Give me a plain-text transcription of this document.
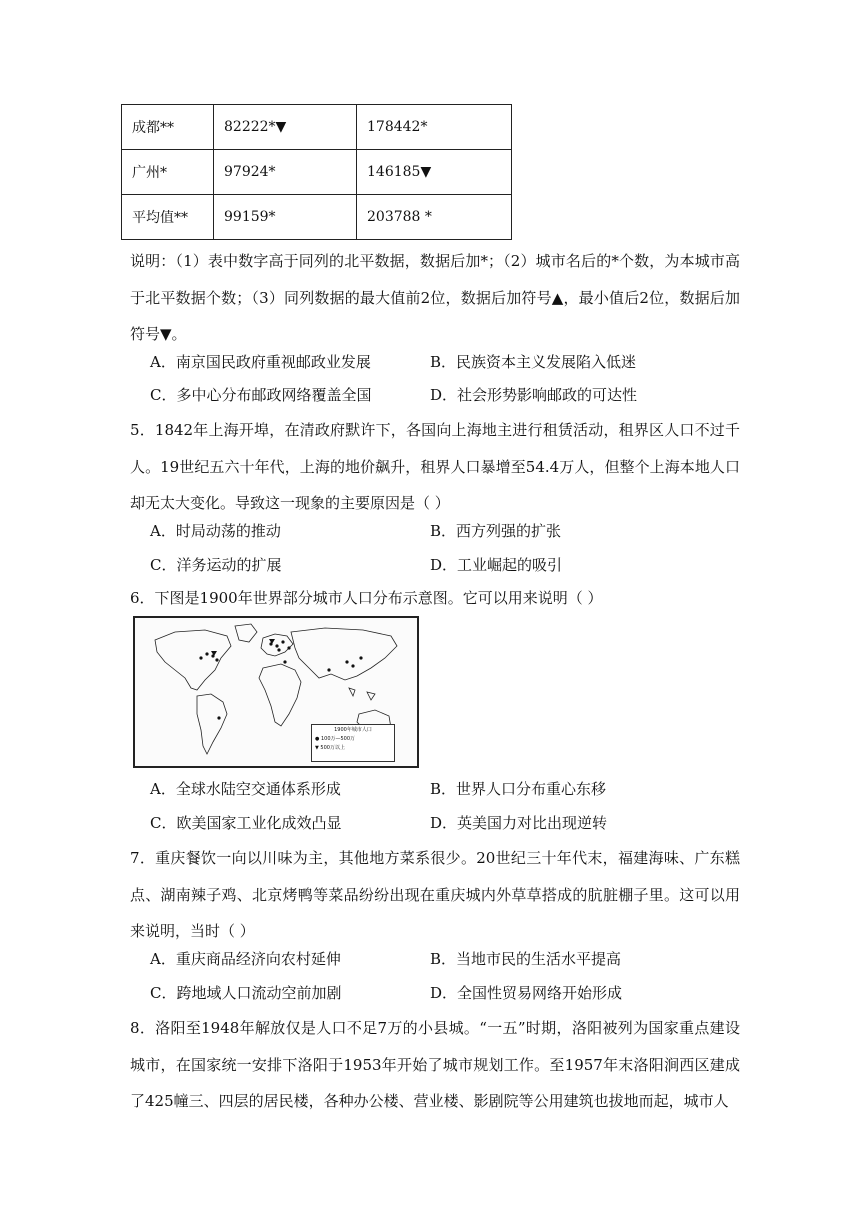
成都**	82222*▼	178442*
广州*	97924*	146185▼
平均值**	99159*	203788 *
说明：（1）表中数字高于同列的北平数据，数据后加*；（2）城市名后的*个数，为本城市高于北平数据个数；（3）同列数据的最大值前2位，数据后加符号▲，最小值后2位，数据后加符号▼。
A．南京国民政府重视邮政业发展	B．民族资本主义发展陷入低迷
C．多中心分布邮政网络覆盖全国	D．社会形势影响邮政的可达性
5．1842年上海开埠，在清政府默许下，各国向上海地主进行租赁活动，租界区人口不过千人。19世纪五六十年代，上海的地价飙升，租界人口暴增至54.4万人，但整个上海本地人口却无太大变化。导致这一现象的主要原因是（ ）
A．时局动荡的推动	B．西方列强的扩张
C．洋务运动的扩展	D．工业崛起的吸引
6．下图是1900年世界部分城市人口分布示意图。它可以用来说明（ ）
1900年城市人口
● 100万—500万
▼ 500万以上
A．全球水陆空交通体系形成	B．世界人口分布重心东移
C．欧美国家工业化成效凸显	D．英美国力对比出现逆转
7．重庆餐饮一向以川味为主，其他地方菜系很少。20世纪三十年代末，福建海味、广东糕点、湖南辣子鸡、北京烤鸭等菜品纷纷出现在重庆城内外草草搭成的肮脏棚子里。这可以用来说明，当时（ ）
A．重庆商品经济向农村延伸	B．当地市民的生活水平提高
C．跨地域人口流动空前加剧	D．全国性贸易网络开始形成
8．洛阳至1948年解放仅是人口不足7万的小县城。“一五”时期，洛阳被列为国家重点建设城市，在国家统一安排下洛阳于1953年开始了城市规划工作。至1957年末洛阳涧西区建成了425幢三、四层的居民楼，各种办公楼、营业楼、影剧院等公用建筑也拔地而起，城市人
